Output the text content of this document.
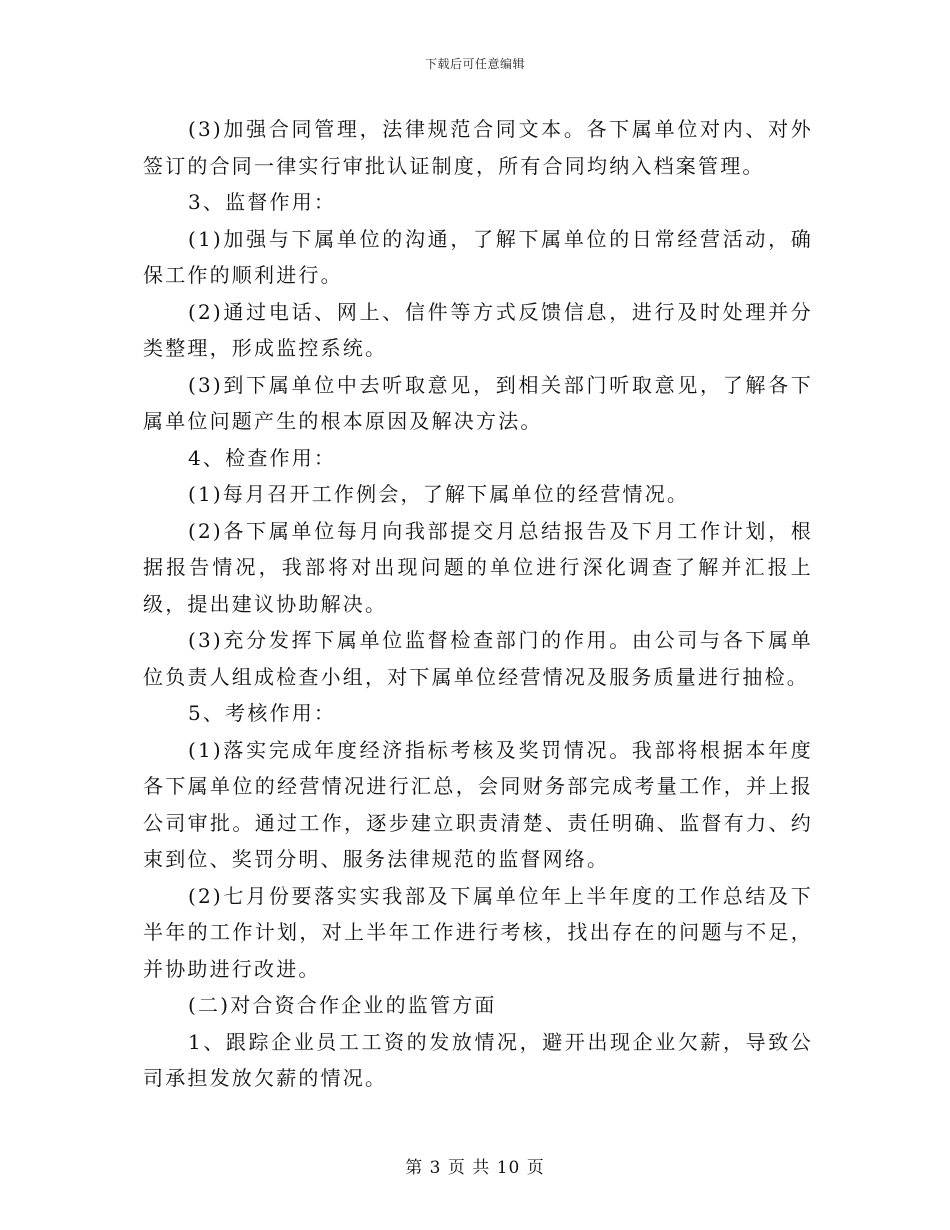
下载后可任意编辑

(3)加强合同管理，法律规范合同文本。各下属单位对内、对外签订的合同一律实行审批认证制度，所有合同均纳入档案管理。

3、监督作用：

(1)加强与下属单位的沟通，了解下属单位的日常经营活动，确保工作的顺利进行。

(2)通过电话、网上、信件等方式反馈信息，进行及时处理并分类整理，形成监控系统。

(3)到下属单位中去听取意见，到相关部门听取意见，了解各下属单位问题产生的根本原因及解决方法。

4、检查作用：

(1)每月召开工作例会，了解下属单位的经营情况。

(2)各下属单位每月向我部提交月总结报告及下月工作计划，根据报告情况，我部将对出现问题的单位进行深化调查了解并汇报上级，提出建议协助解决。

(3)充分发挥下属单位监督检查部门的作用。由公司与各下属单位负责人组成检查小组，对下属单位经营情况及服务质量进行抽检。

5、考核作用：

(1)落实完成年度经济指标考核及奖罚情况。我部将根据本年度各下属单位的经营情况进行汇总，会同财务部完成考量工作，并上报公司审批。通过工作，逐步建立职责清楚、责任明确、监督有力、约束到位、奖罚分明、服务法律规范的监督网络。

(2)七月份要落实实我部及下属单位年上半年度的工作总结及下半年的工作计划，对上半年工作进行考核，找出存在的问题与不足，并协助进行改进。

(二)对合资合作企业的监管方面

1、跟踪企业员工工资的发放情况，避开出现企业欠薪，导致公司承担发放欠薪的情况。

第 3 页 共 10 页
